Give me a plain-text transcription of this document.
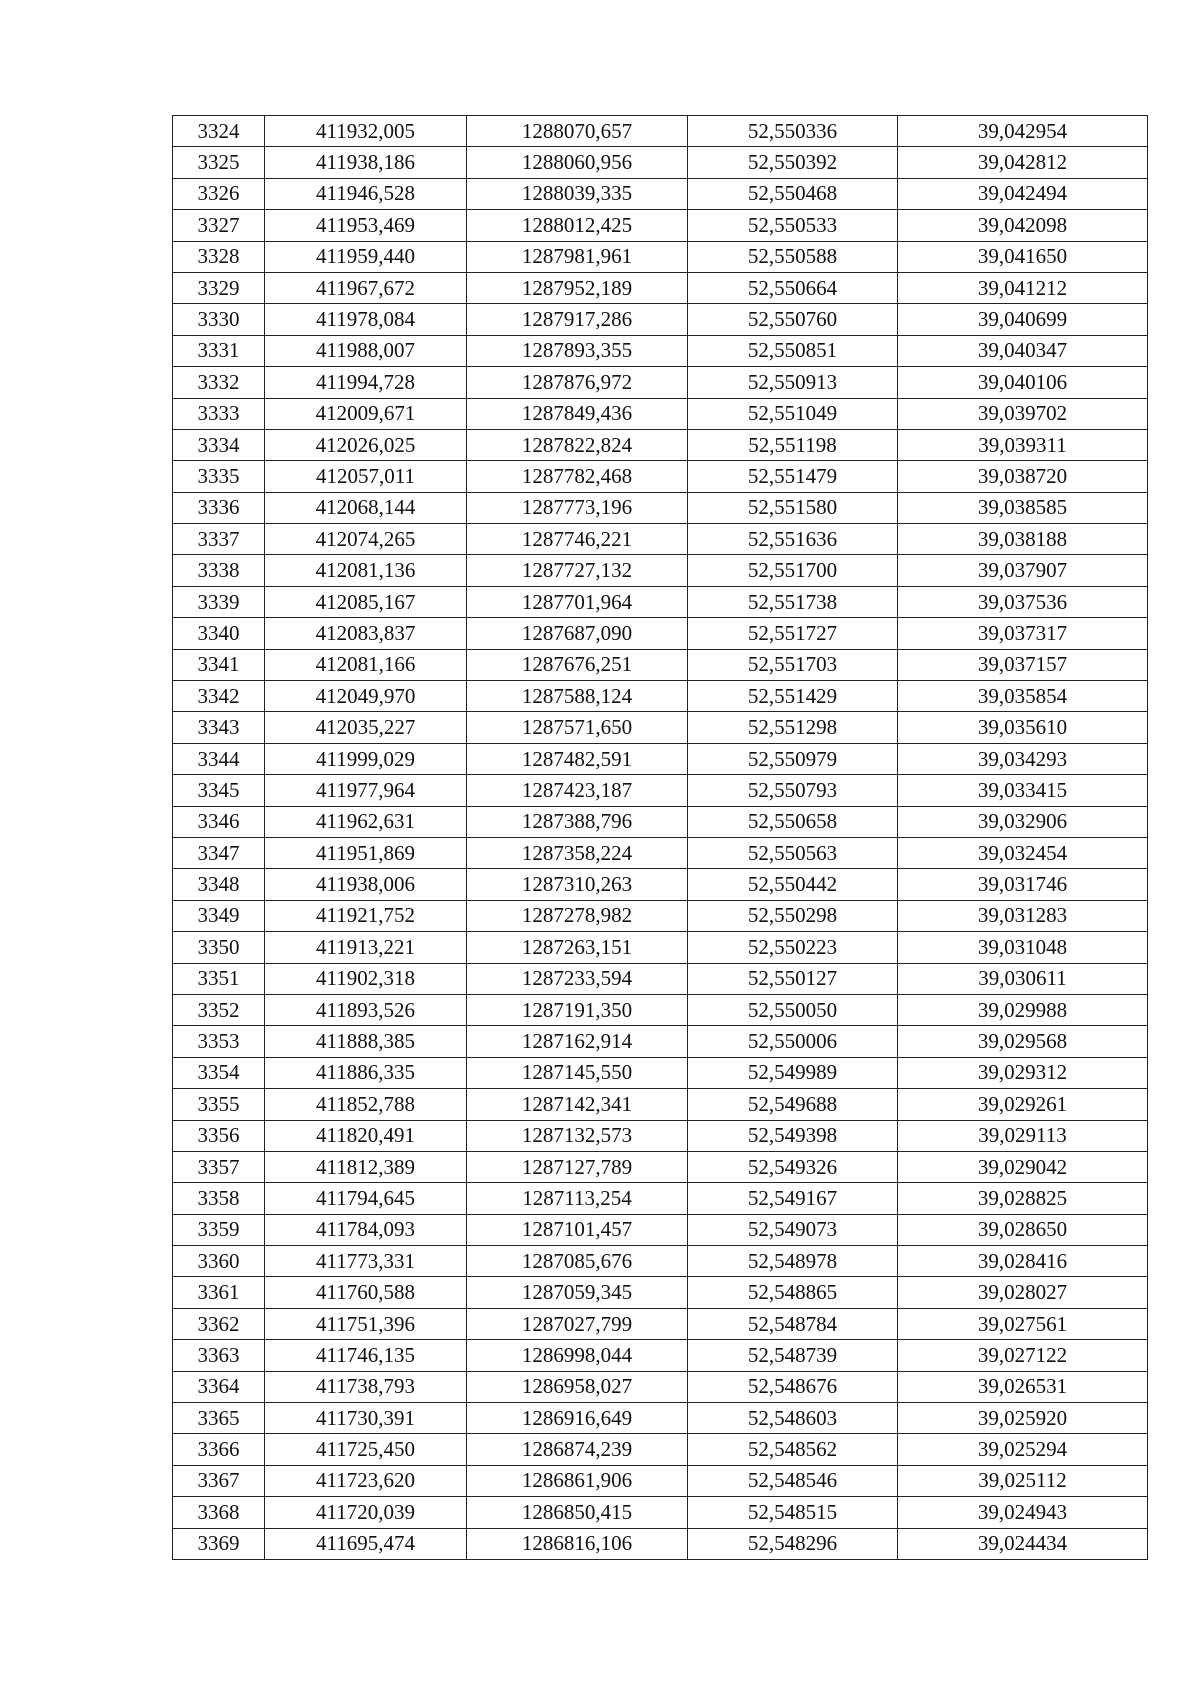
3324	411932,005	1288070,657	52,550336	39,042954
3325	411938,186	1288060,956	52,550392	39,042812
3326	411946,528	1288039,335	52,550468	39,042494
3327	411953,469	1288012,425	52,550533	39,042098
3328	411959,440	1287981,961	52,550588	39,041650
3329	411967,672	1287952,189	52,550664	39,041212
3330	411978,084	1287917,286	52,550760	39,040699
3331	411988,007	1287893,355	52,550851	39,040347
3332	411994,728	1287876,972	52,550913	39,040106
3333	412009,671	1287849,436	52,551049	39,039702
3334	412026,025	1287822,824	52,551198	39,039311
3335	412057,011	1287782,468	52,551479	39,038720
3336	412068,144	1287773,196	52,551580	39,038585
3337	412074,265	1287746,221	52,551636	39,038188
3338	412081,136	1287727,132	52,551700	39,037907
3339	412085,167	1287701,964	52,551738	39,037536
3340	412083,837	1287687,090	52,551727	39,037317
3341	412081,166	1287676,251	52,551703	39,037157
3342	412049,970	1287588,124	52,551429	39,035854
3343	412035,227	1287571,650	52,551298	39,035610
3344	411999,029	1287482,591	52,550979	39,034293
3345	411977,964	1287423,187	52,550793	39,033415
3346	411962,631	1287388,796	52,550658	39,032906
3347	411951,869	1287358,224	52,550563	39,032454
3348	411938,006	1287310,263	52,550442	39,031746
3349	411921,752	1287278,982	52,550298	39,031283
3350	411913,221	1287263,151	52,550223	39,031048
3351	411902,318	1287233,594	52,550127	39,030611
3352	411893,526	1287191,350	52,550050	39,029988
3353	411888,385	1287162,914	52,550006	39,029568
3354	411886,335	1287145,550	52,549989	39,029312
3355	411852,788	1287142,341	52,549688	39,029261
3356	411820,491	1287132,573	52,549398	39,029113
3357	411812,389	1287127,789	52,549326	39,029042
3358	411794,645	1287113,254	52,549167	39,028825
3359	411784,093	1287101,457	52,549073	39,028650
3360	411773,331	1287085,676	52,548978	39,028416
3361	411760,588	1287059,345	52,548865	39,028027
3362	411751,396	1287027,799	52,548784	39,027561
3363	411746,135	1286998,044	52,548739	39,027122
3364	411738,793	1286958,027	52,548676	39,026531
3365	411730,391	1286916,649	52,548603	39,025920
3366	411725,450	1286874,239	52,548562	39,025294
3367	411723,620	1286861,906	52,548546	39,025112
3368	411720,039	1286850,415	52,548515	39,024943
3369	411695,474	1286816,106	52,548296	39,024434
